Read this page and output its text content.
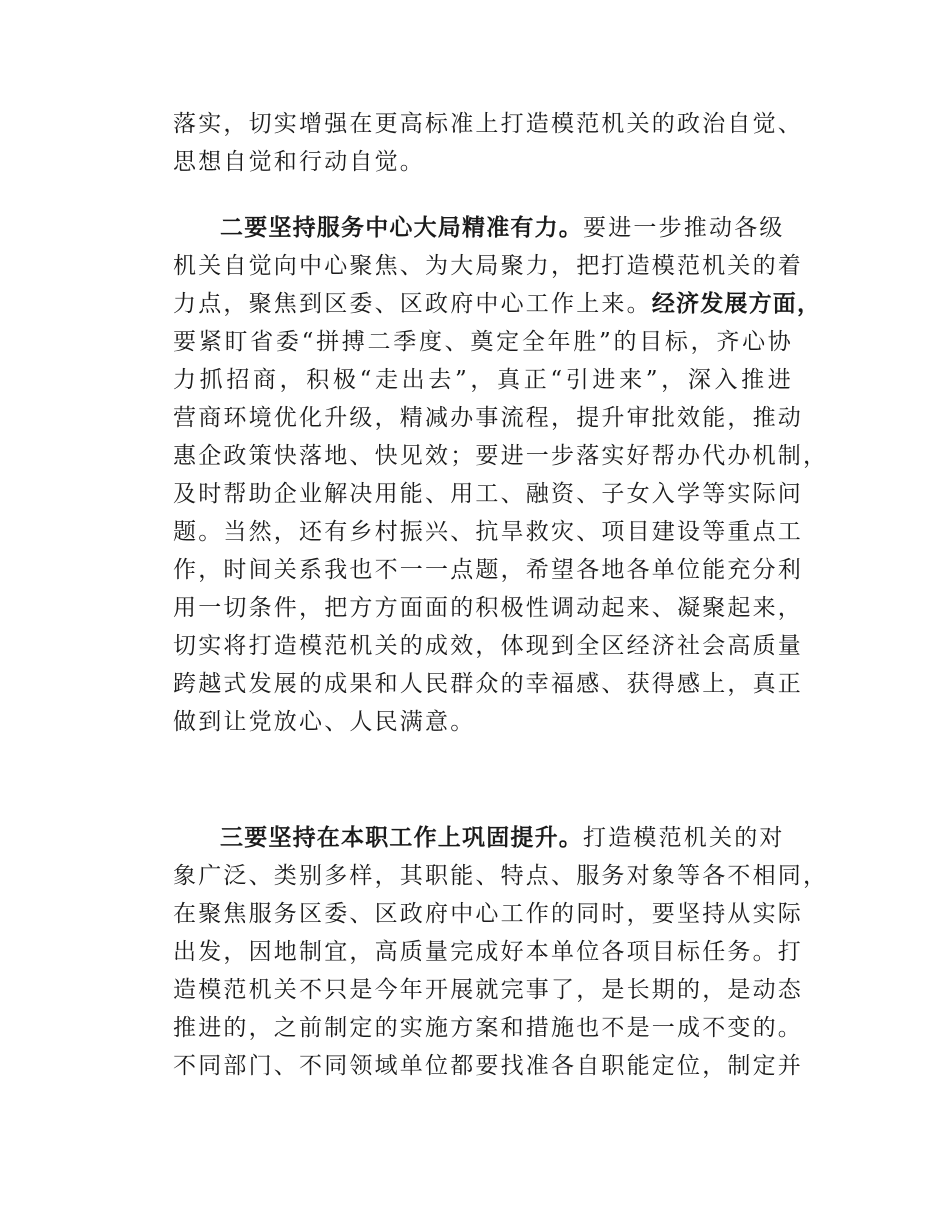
落实，切实增强在更高标准上打造模范机关的政治自觉、
思想自觉和行动自觉。
二要坚持服务中心大局精准有力。要进一步推动各级
机关自觉向中心聚焦、为大局聚力，把打造模范机关的着
力点，聚焦到区委、区政府中心工作上来。经济发展方面，
要紧盯省委“拼搏二季度、奠定全年胜”的目标，齐心协
力抓招商，积极“走出去”，真正“引进来”，深入推进
营商环境优化升级，精减办事流程，提升审批效能，推动
惠企政策快落地、快见效；要进一步落实好帮办代办机制，
及时帮助企业解决用能、用工、融资、子女入学等实际问
题。当然，还有乡村振兴、抗旱救灾、项目建设等重点工
作，时间关系我也不一一点题，希望各地各单位能充分利
用一切条件，把方方面面的积极性调动起来、凝聚起来，
切实将打造模范机关的成效，体现到全区经济社会高质量
跨越式发展的成果和人民群众的幸福感、获得感上，真正
做到让党放心、人民满意。
三要坚持在本职工作上巩固提升。打造模范机关的对
象广泛、类别多样，其职能、特点、服务对象等各不相同，
在聚焦服务区委、区政府中心工作的同时，要坚持从实际
出发，因地制宜，高质量完成好本单位各项目标任务。打
造模范机关不只是今年开展就完事了，是长期的，是动态
推进的，之前制定的实施方案和措施也不是一成不变的。
不同部门、不同领域单位都要找准各自职能定位，制定并
